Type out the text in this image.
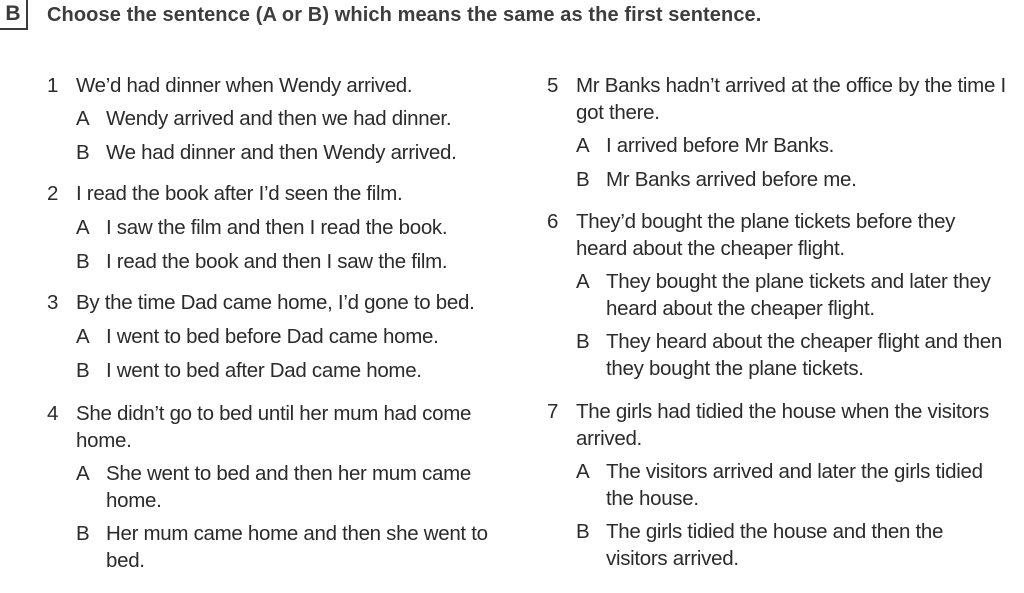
B	Choose the sentence (A or B) which means the same as the first sentence.
1 We’d had dinner when Wendy arrived.
A Wendy arrived and then we had dinner.
B We had dinner and then Wendy arrived.
2 I read the book after I’d seen the film.
A I saw the film and then I read the book.
B I read the book and then I saw the film.
3 By the time Dad came home, I’d gone to bed.
A I went to bed before Dad came home.
B I went to bed after Dad came home.
4 She didn’t go to bed until her mum had come home.
A She went to bed and then her mum came home.
B Her mum came home and then she went to bed.
5 Mr Banks hadn’t arrived at the office by the time I got there.
A I arrived before Mr Banks.
B Mr Banks arrived before me.
6 They’d bought the plane tickets before they heard about the cheaper flight.
A They bought the plane tickets and later they heard about the cheaper flight.
B They heard about the cheaper flight and then they bought the plane tickets.
7 The girls had tidied the house when the visitors arrived.
A The visitors arrived and later the girls tidied the house.
B The girls tidied the house and then the visitors arrived.
